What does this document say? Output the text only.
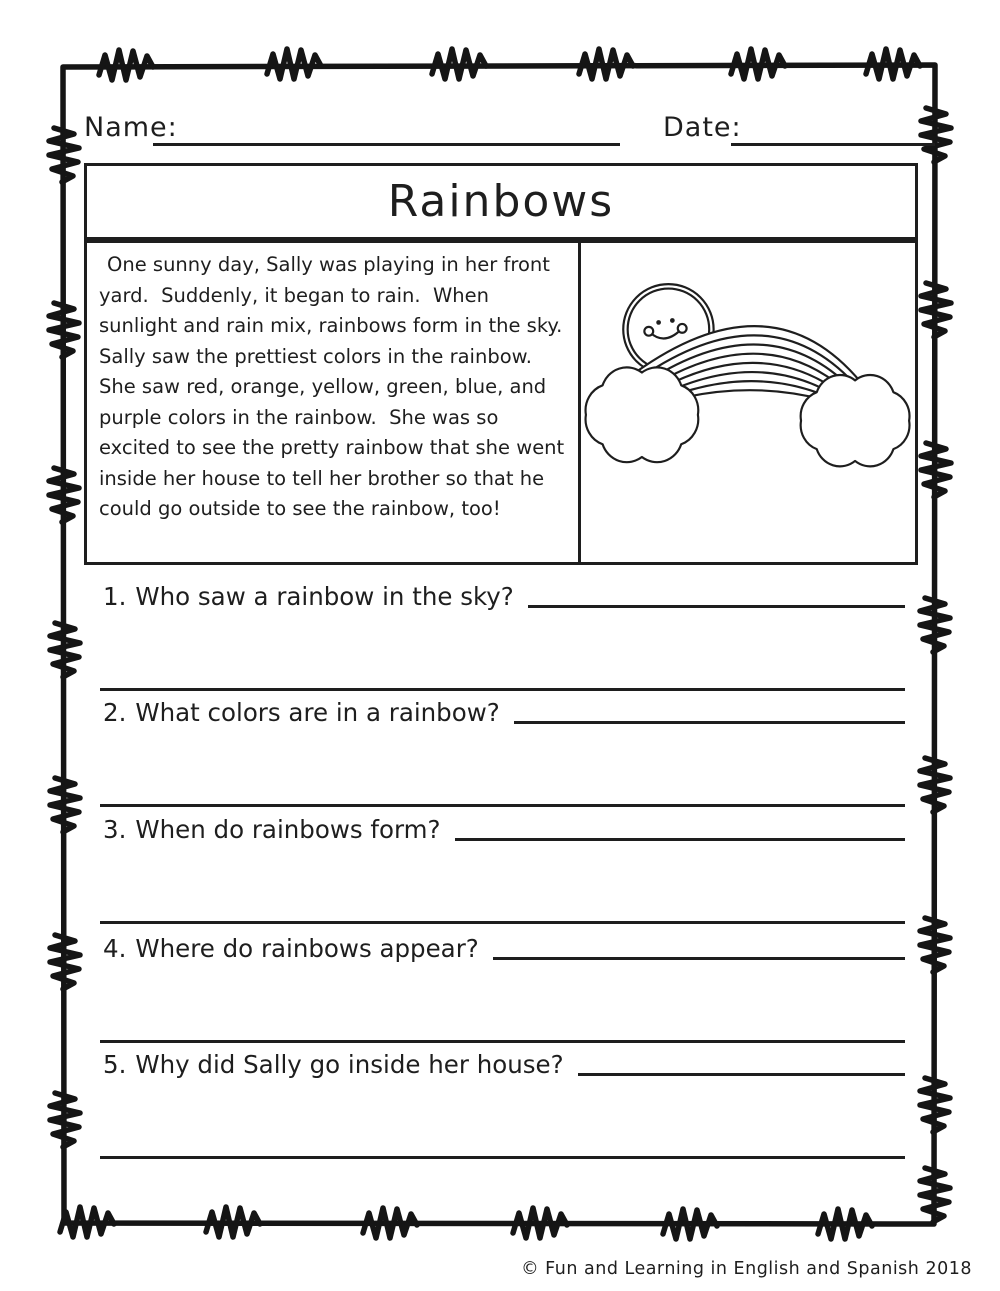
Name:	Date:
Rainbows
One sunny day, Sally was playing in her front yard.  Suddenly, it began to rain.  When sunlight and rain mix, rainbows form in the sky.  Sally saw the prettiest colors in the rainbow.  She saw red, orange, yellow, green, blue, and purple colors in the rainbow.  She was so excited to see the pretty rainbow that she went inside her house to tell her brother so that he could go outside to see the rainbow, too!
1. Who saw a rainbow in the sky?
2. What colors are in a rainbow?
3. When do rainbows form?
4. Where do rainbows appear?
5. Why did Sally go inside her house?
© Fun and Learning in English and Spanish 2018
